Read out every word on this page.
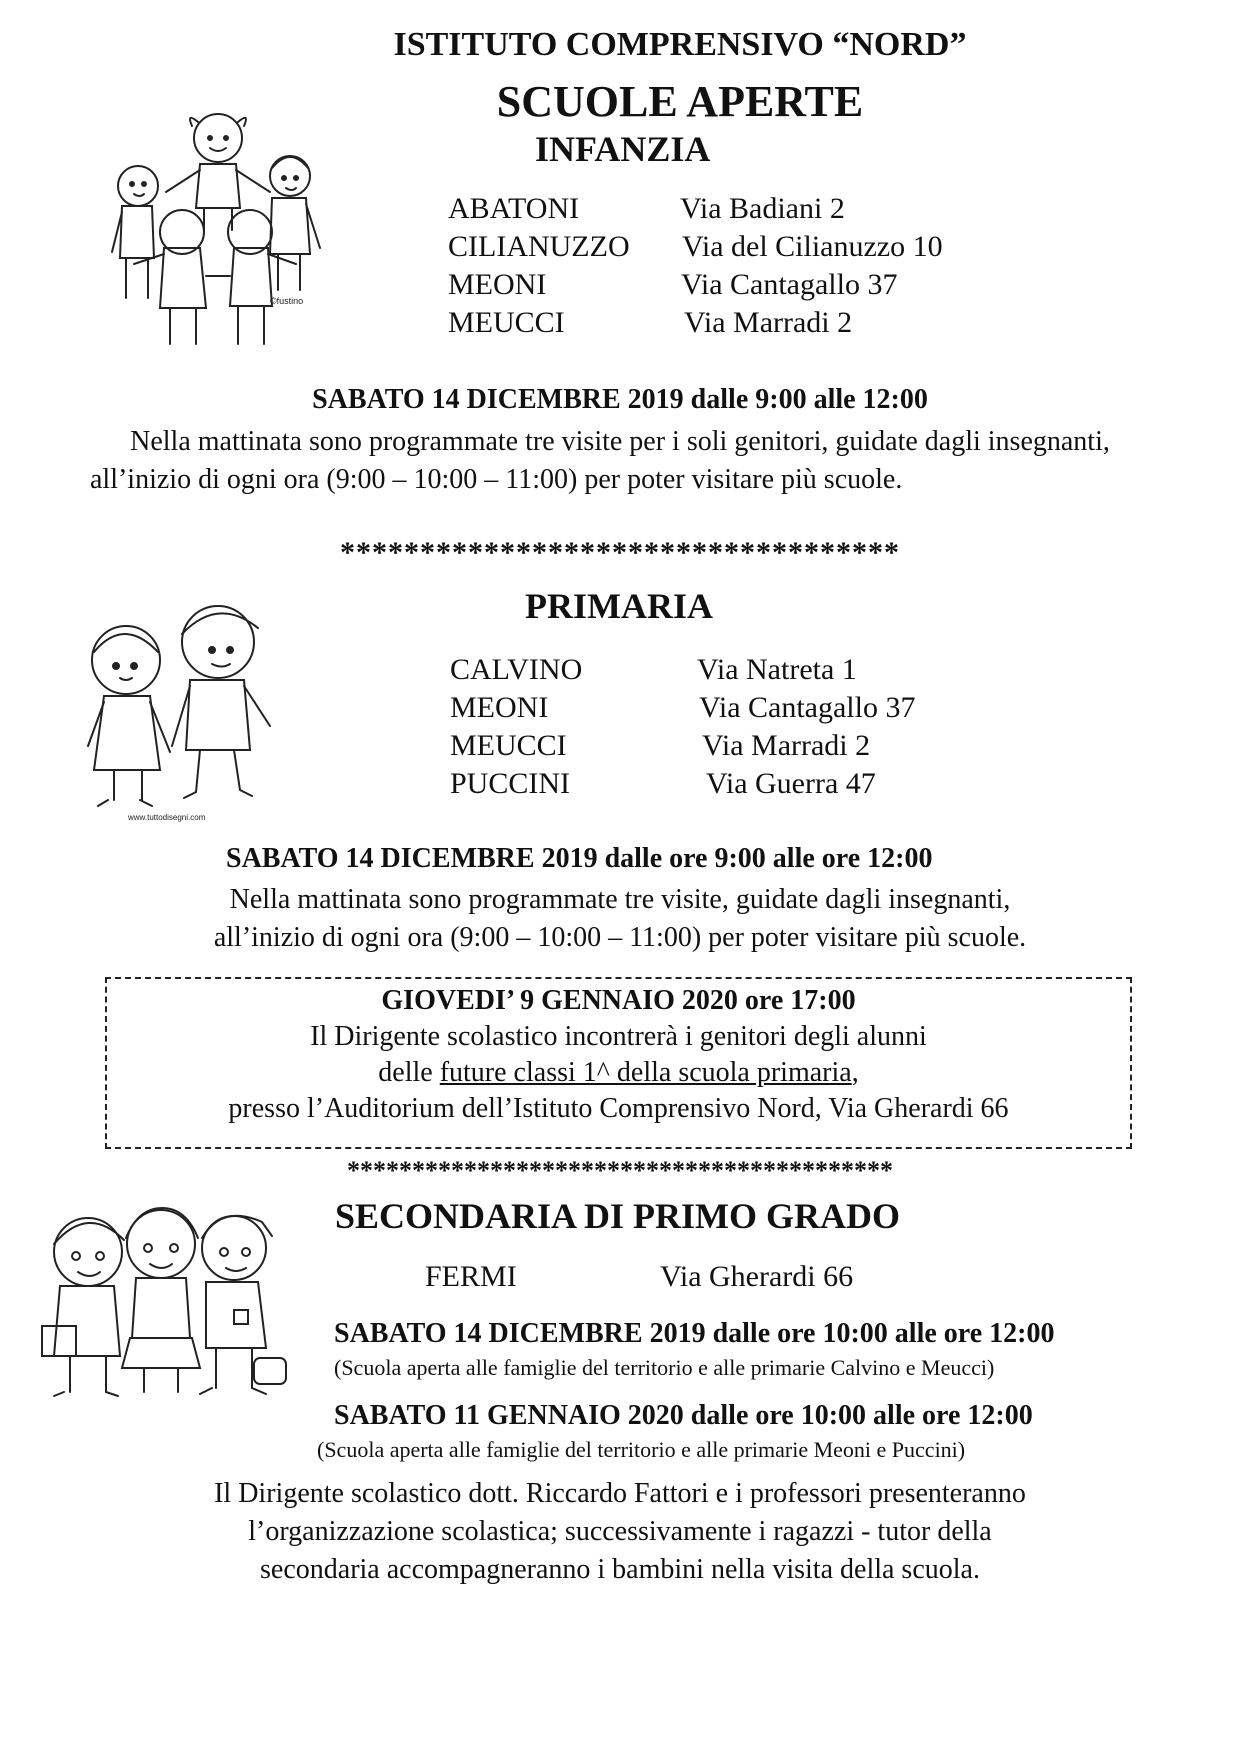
ISTITUTO COMPRENSIVO “NORD”
SCUOLE APERTE
INFANZIA
©fustino
ABATONI	Via Badiani 2
CILIANUZZO Via del Cilianuzzo 10
MEONI	Via Cantagallo 37
MEUCCI	Via Marradi 2
SABATO 14 DICEMBRE 2019 dalle 9:00 alle 12:00
Nella mattinata sono programmate tre visite per i soli genitori, guidate dagli insegnanti,
all’inizio di ogni ora (9:00 – 10:00 – 11:00) per poter visitare più scuole.
***********************************
PRIMARIA
www.tuttodisegni.com
CALVINO	Via Natreta 1
MEONI	Via Cantagallo 37
MEUCCI	Via Marradi 2
PUCCINI	Via Guerra 47
SABATO 14 DICEMBRE 2019 dalle ore 9:00 alle ore 12:00
Nella mattinata sono programmate tre visite, guidate dagli insegnanti,
all’inizio di ogni ora (9:00 – 10:00 – 11:00) per poter visitare più scuole.
GIOVEDI’ 9 GENNAIO 2020 ore 17:00
Il Dirigente scolastico incontrerà i genitori degli alunni
delle future classi 1^ della scuola primaria,
presso l’Auditorium dell’Istituto Comprensivo Nord, Via Gherardi 66
******************************************
SECONDARIA DI PRIMO GRADO
FERMI	Via Gherardi 66
SABATO 14 DICEMBRE 2019 dalle ore 10:00 alle ore 12:00
(Scuola aperta alle famiglie del territorio e alle primarie Calvino e Meucci)
SABATO 11 GENNAIO 2020 dalle ore 10:00 alle ore 12:00
(Scuola aperta alle famiglie del territorio e alle primarie Meoni e Puccini)
Il Dirigente scolastico dott. Riccardo Fattori e i professori presenteranno
l’organizzazione scolastica; successivamente i ragazzi - tutor della
secondaria accompagneranno i bambini nella visita della scuola.
